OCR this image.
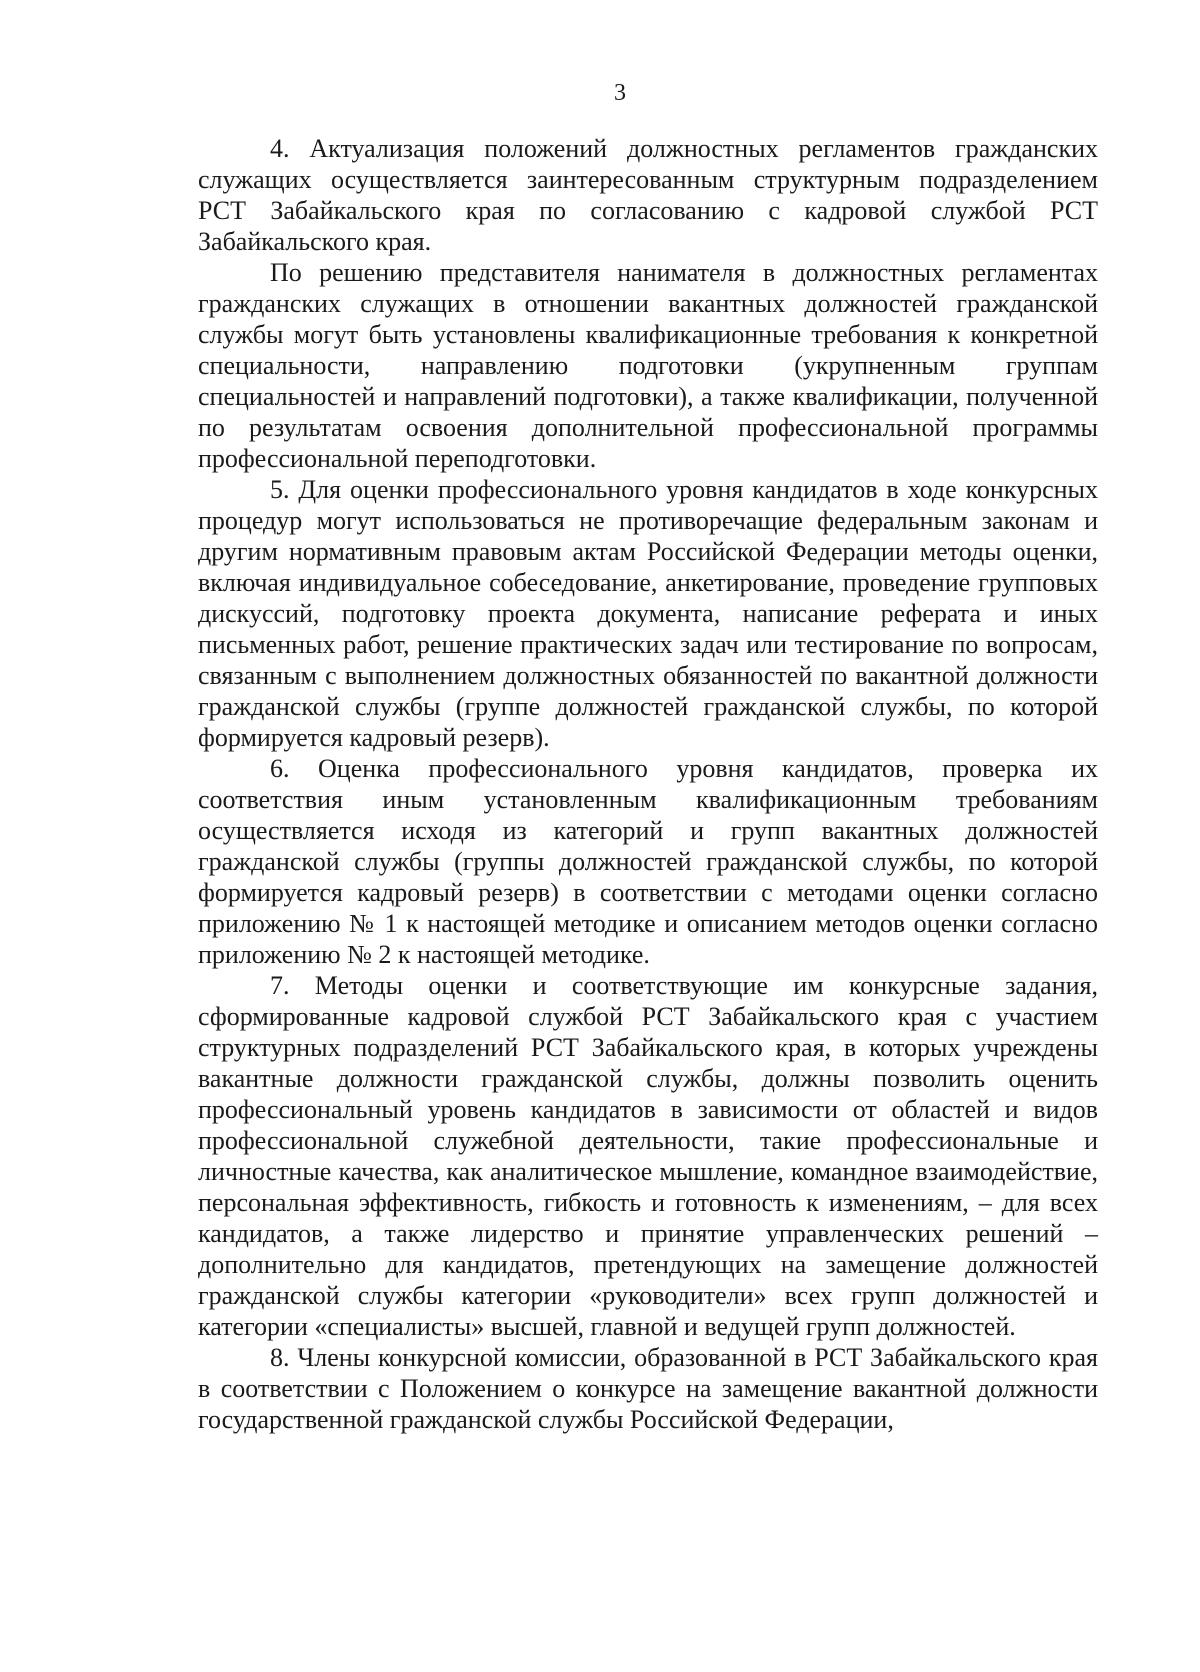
3

4. Актуализация положений должностных регламентов гражданских служащих осуществляется заинтересованным структурным подразделением РСТ Забайкальского края по согласованию с кадровой службой РСТ Забайкальского края.

По решению представителя нанимателя в должностных регламентах гражданских служащих в отношении вакантных должностей гражданской службы могут быть установлены квалификационные требования к конкретной специальности, направлению подготовки (укрупненным группам специальностей и направлений подготовки), а также квалификации, полученной по результатам освоения дополнительной профессиональной программы профессиональной переподготовки.

5. Для оценки профессионального уровня кандидатов в ходе конкурсных процедур могут использоваться не противоречащие федеральным законам и другим нормативным правовым актам Российской Федерации методы оценки, включая индивидуальное собеседование, анкетирование, проведение групповых дискуссий, подготовку проекта документа, написание реферата и иных письменных работ, решение практических задач или тестирование по вопросам, связанным с выполнением должностных обязанностей по вакантной должности гражданской службы (группе должностей гражданской службы, по которой формируется кадровый резерв).

6. Оценка профессионального уровня кандидатов, проверка их соответствия иным установленным квалификационным требованиям осуществляется исходя из категорий и групп вакантных должностей гражданской службы (группы должностей гражданской службы, по которой формируется кадровый резерв) в соответствии с методами оценки согласно приложению № 1 к настоящей методике и описанием методов оценки согласно приложению № 2 к настоящей методике.

7. Методы оценки и соответствующие им конкурсные задания, сформированные кадровой службой РСТ Забайкальского края с участием структурных подразделений РСТ Забайкальского края, в которых учреждены вакантные должности гражданской службы, должны позволить оценить профессиональный уровень кандидатов в зависимости от областей и видов профессиональной служебной деятельности, такие профессиональные и личностные качества, как аналитическое мышление, командное взаимодействие, персональная эффективность, гибкость и готовность к изменениям, – для всех кандидатов, а также лидерство и принятие управленческих решений – дополнительно для кандидатов, претендующих на замещение должностей гражданской службы категории «руководители» всех групп должностей и категории «специалисты» высшей, главной и ведущей групп должностей.

8. Члены конкурсной комиссии, образованной в РСТ Забайкальского края в соответствии с Положением о конкурсе на замещение вакантной должности государственной гражданской службы Российской Федерации,
